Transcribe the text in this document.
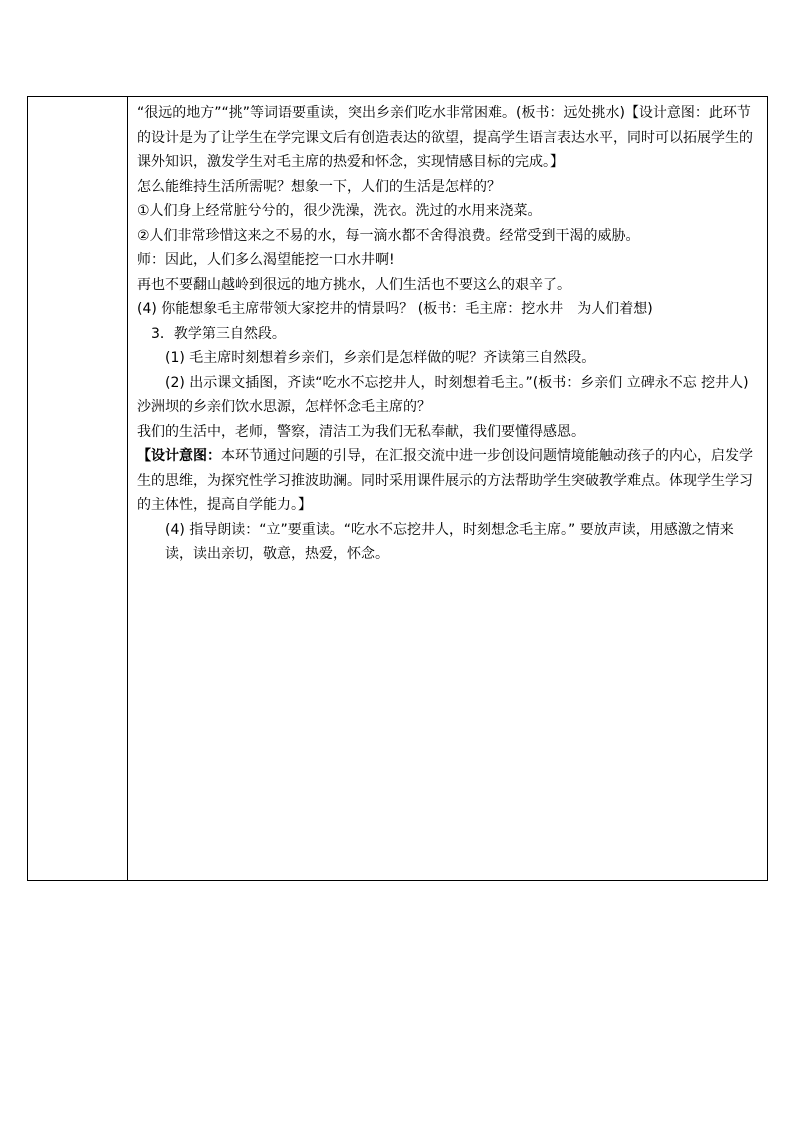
“很远的地方”“挑”等词语要重读，突出乡亲们吃水非常困难。(板书：远处挑水)【设计意图：此环节的设计是为了让学生在学完课文后有创造表达的欲望，提高学生语言表达水平，同时可以拓展学生的课外知识，激发学生对毛主席的热爱和怀念，实现情感目标的完成。】

怎么能维持生活所需呢？想象一下，人们的生活是怎样的？

①人们身上经常脏兮兮的，很少洗澡，洗衣。洗过的水用来浇菜。

②人们非常珍惜这来之不易的水，每一滴水都不舍得浪费。经常受到干渴的威胁。

师：因此，人们多么渴望能挖一口水井啊!

再也不要翻山越岭到很远的地方挑水，人们生活也不要这么的艰辛了。

(4) 你能想象毛主席带领大家挖井的情景吗？ (板书：毛主席：挖水井　为人们着想)

3．教学第三自然段。

(1) 毛主席时刻想着乡亲们，乡亲们是怎样做的呢？齐读第三自然段。

(2) 出示课文插图，齐读“吃水不忘挖井人，时刻想着毛主。”(板书：乡亲们 立碑永不忘 挖井人)

沙洲坝的乡亲们饮水思源，怎样怀念毛主席的？

我们的生活中，老师，警察，清洁工为我们无私奉献，我们要懂得感恩。

【设计意图：本环节通过问题的引导，在汇报交流中进一步创设问题情境能触动孩子的内心，启发学生的思维，为探究性学习推波助澜。同时采用课件展示的方法帮助学生突破教学难点。体现学生学习的主体性，提高自学能力。】

(4) 指导朗读：“立”要重读。“吃水不忘挖井人，时刻想念毛主席。” 要放声读，用感激之情来读，读出亲切，敬意，热爱，怀念。
